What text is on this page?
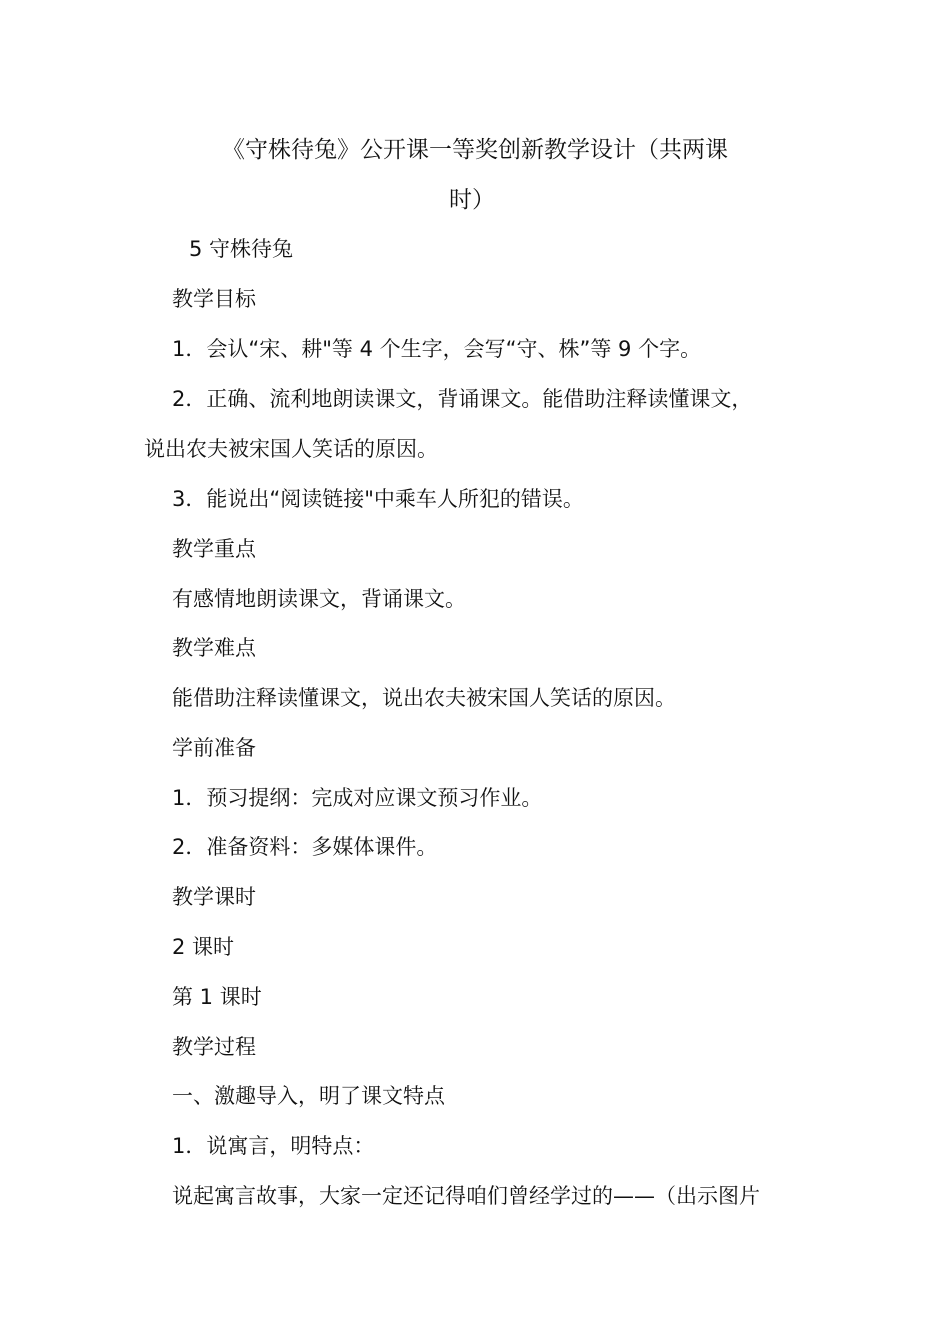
《守株待兔》公开课一等奖创新教学设计（共两课
时）
5 守株待兔
教学目标
1．会认“宋、耕"等 4 个生字，会写“守、株”等 9 个字。
2．正确、流利地朗读课文，背诵课文。能借助注释读懂课文，
说出农夫被宋国人笑话的原因。
3．能说出“阅读链接"中乘车人所犯的错误。
教学重点
有感情地朗读课文，背诵课文。
教学难点
能借助注释读懂课文，说出农夫被宋国人笑话的原因。
学前准备
1．预习提纲：完成对应课文预习作业。
2．准备资料：多媒体课件。
教学课时
2 课时
第 1 课时
教学过程
一、激趣导入，明了课文特点
1．说寓言，明特点：
说起寓言故事，大家一定还记得咱们曾经学过的——（出示图片
